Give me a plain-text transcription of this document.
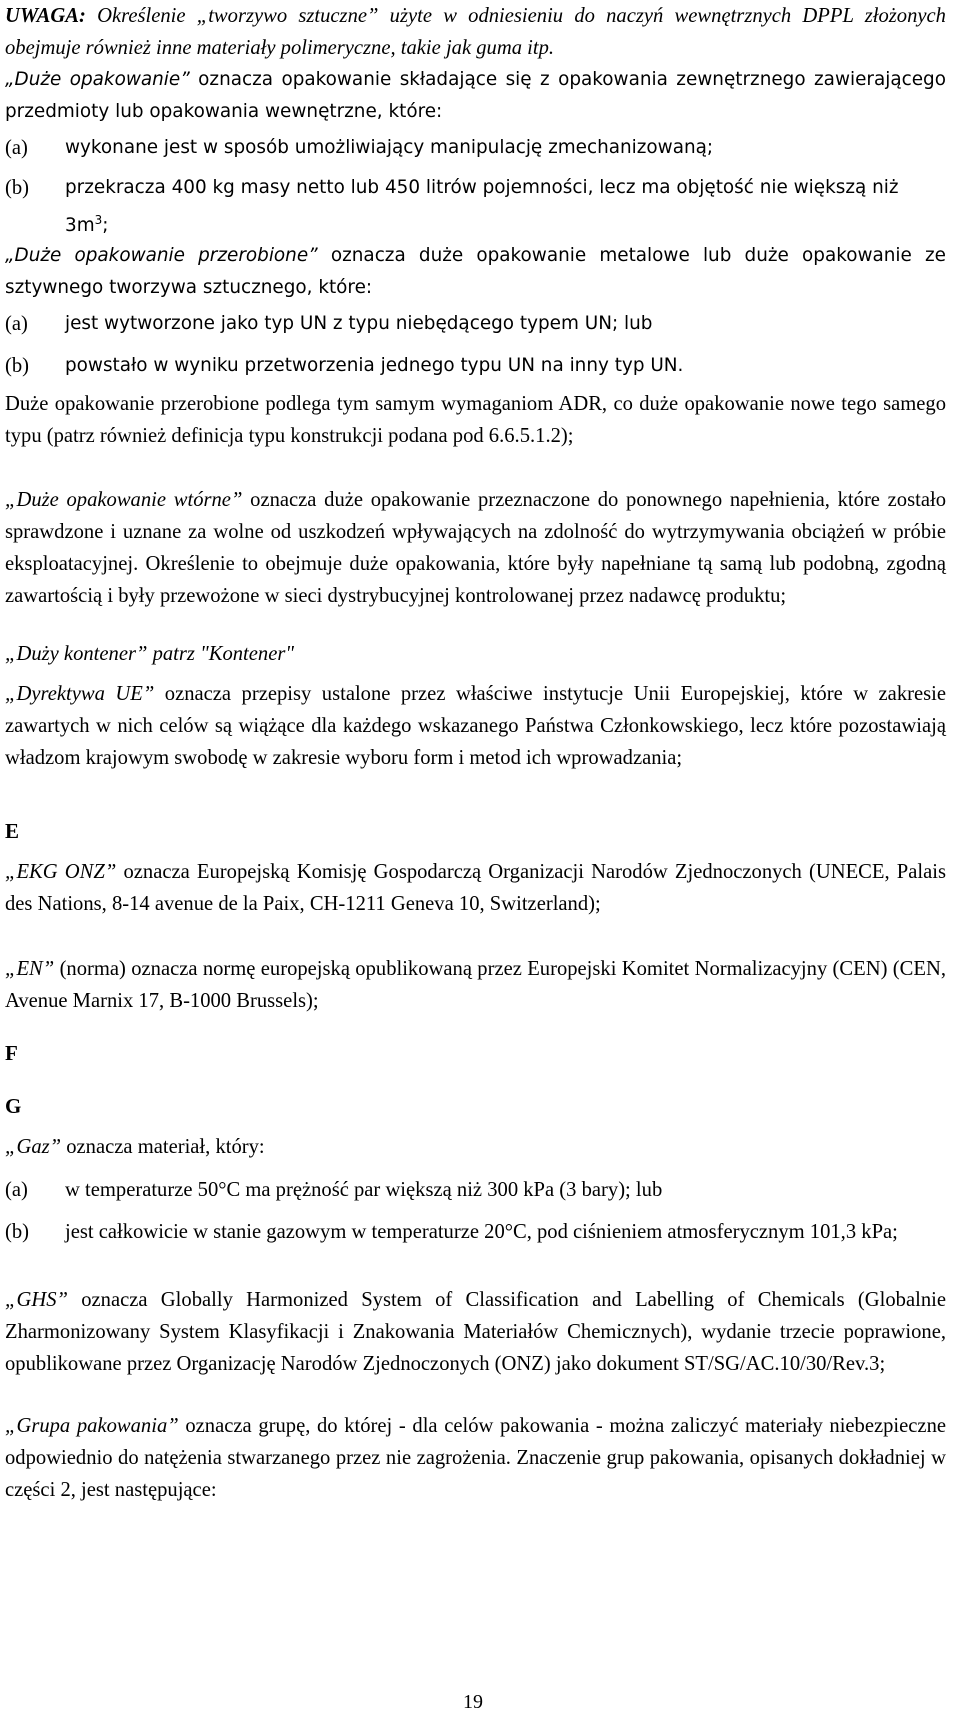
UWAGA: Określenie „tworzywo sztuczne” użyte w odniesieniu do naczyń wewnętrznych DPPL złożonych obejmuje również inne materiały polimeryczne, takie jak guma itp.

„Duże opakowanie” oznacza opakowanie składające się z opakowania zewnętrznego zawierającego przedmioty lub opakowania wewnętrzne, które:

(a)	wykonane jest w sposób umożliwiający manipulację zmechanizowaną;
(b)	przekracza 400 kg masy netto lub 450 litrów pojemności, lecz ma objętość nie większą niż $3m^3$;

„Duże opakowanie przerobione” oznacza duże opakowanie metalowe lub duże opakowanie ze sztywnego tworzywa sztucznego, które:

(a)	jest wytworzone jako typ UN z typu niebędącego typem UN; lub
(b)	powstało w wyniku przetworzenia jednego typu UN na inny typ UN.

Duże opakowanie przerobione podlega tym samym wymaganiom ADR, co duże opakowanie nowe tego samego typu (patrz również definicja typu konstrukcji podana pod 6.6.5.1.2);

„Duże opakowanie wtórne” oznacza duże opakowanie przeznaczone do ponownego napełnienia, które zostało sprawdzone i uznane za wolne od uszkodzeń wpływających na zdolność do wytrzymywania obciążeń w próbie eksploatacyjnej. Określenie to obejmuje duże opakowania, które były napełniane tą samą lub podobną, zgodną zawartością i były przewożone w sieci dystrybucyjnej kontrolowanej przez nadawcę produktu;

„Duży kontener” patrz "Kontener"

„Dyrektywa UE” oznacza przepisy ustalone przez właściwe instytucje Unii Europejskiej, które w zakresie zawartych w nich celów są wiążące dla każdego wskazanego Państwa Członkowskiego, lecz które pozostawiają władzom krajowym swobodę w zakresie wyboru form i metod ich wprowadzania;

E

„EKG ONZ” oznacza Europejską Komisję Gospodarczą Organizacji Narodów Zjednoczonych (UNECE, Palais des Nations, 8-14 avenue de la Paix, CH-1211 Geneva 10, Switzerland);

„EN” (norma) oznacza normę europejską opublikowaną przez Europejski Komitet Normalizacyjny (CEN) (CEN, Avenue Marnix 17, B-1000 Brussels);

F
G

„Gaz” oznacza materiał, który:

(a)	w temperaturze 50°C ma prężność par większą niż 300 kPa (3 bary); lub
(b)	jest całkowicie w stanie gazowym w temperaturze 20°C, pod ciśnieniem atmosferycznym 101,3 kPa;

„GHS” oznacza Globally Harmonized System of Classification and Labelling of Chemicals (Globalnie Zharmonizowany System Klasyfikacji i Znakowania Materiałów Chemicznych), wydanie trzecie poprawione, opublikowane przez Organizację Narodów Zjednoczonych (ONZ) jako dokument ST/SG/AC.10/30/Rev.3;

„Grupa pakowania” oznacza grupę, do której - dla celów pakowania - można zaliczyć materiały niebezpieczne odpowiednio do natężenia stwarzanego przez nie zagrożenia. Znaczenie grup pakowania, opisanych dokładniej w części 2, jest następujące:

19
